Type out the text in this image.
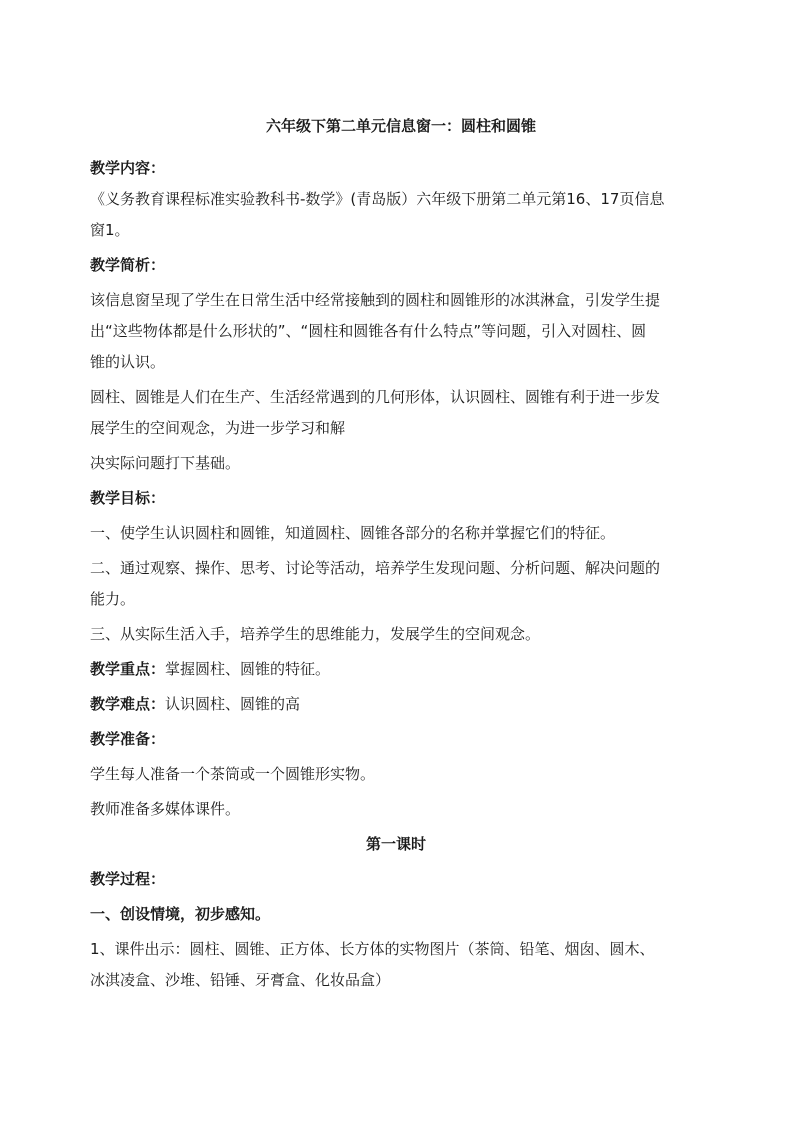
六年级下第二单元信息窗一：圆柱和圆锥

教学内容：

《义务教育课程标准实验教科书-数学》(青岛版）六年级下册第二单元第16、17页信息

窗1。

教学简析：

该信息窗呈现了学生在日常生活中经常接触到的圆柱和圆锥形的冰淇淋盒，引发学生提

出“这些物体都是什么形状的”、“圆柱和圆锥各有什么特点”等问题，引入对圆柱、圆

锥的认识。

圆柱、圆锥是人们在生产、生活经常遇到的几何形体，认识圆柱、圆锥有利于进一步发

展学生的空间观念，为进一步学习和解

决实际问题打下基础。

教学目标：

一、使学生认识圆柱和圆锥，知道圆柱、圆锥各部分的名称并掌握它们的特征。

二、通过观察、操作、思考、讨论等活动，培养学生发现问题、分析问题、解决问题的

能力。

三、从实际生活入手，培养学生的思维能力，发展学生的空间观念。

教学重点：掌握圆柱、圆锥的特征。

教学难点：认识圆柱、圆锥的高

教学准备：

学生每人准备一个茶筒或一个圆锥形实物。

教师准备多媒体课件。

第一课时

教学过程：

一、创设情境，初步感知。

1、课件出示：圆柱、圆锥、正方体、长方体的实物图片（茶筒、铅笔、烟囱、圆木、

冰淇凌盒、沙堆、铅锤、牙膏盒、化妆品盒）
